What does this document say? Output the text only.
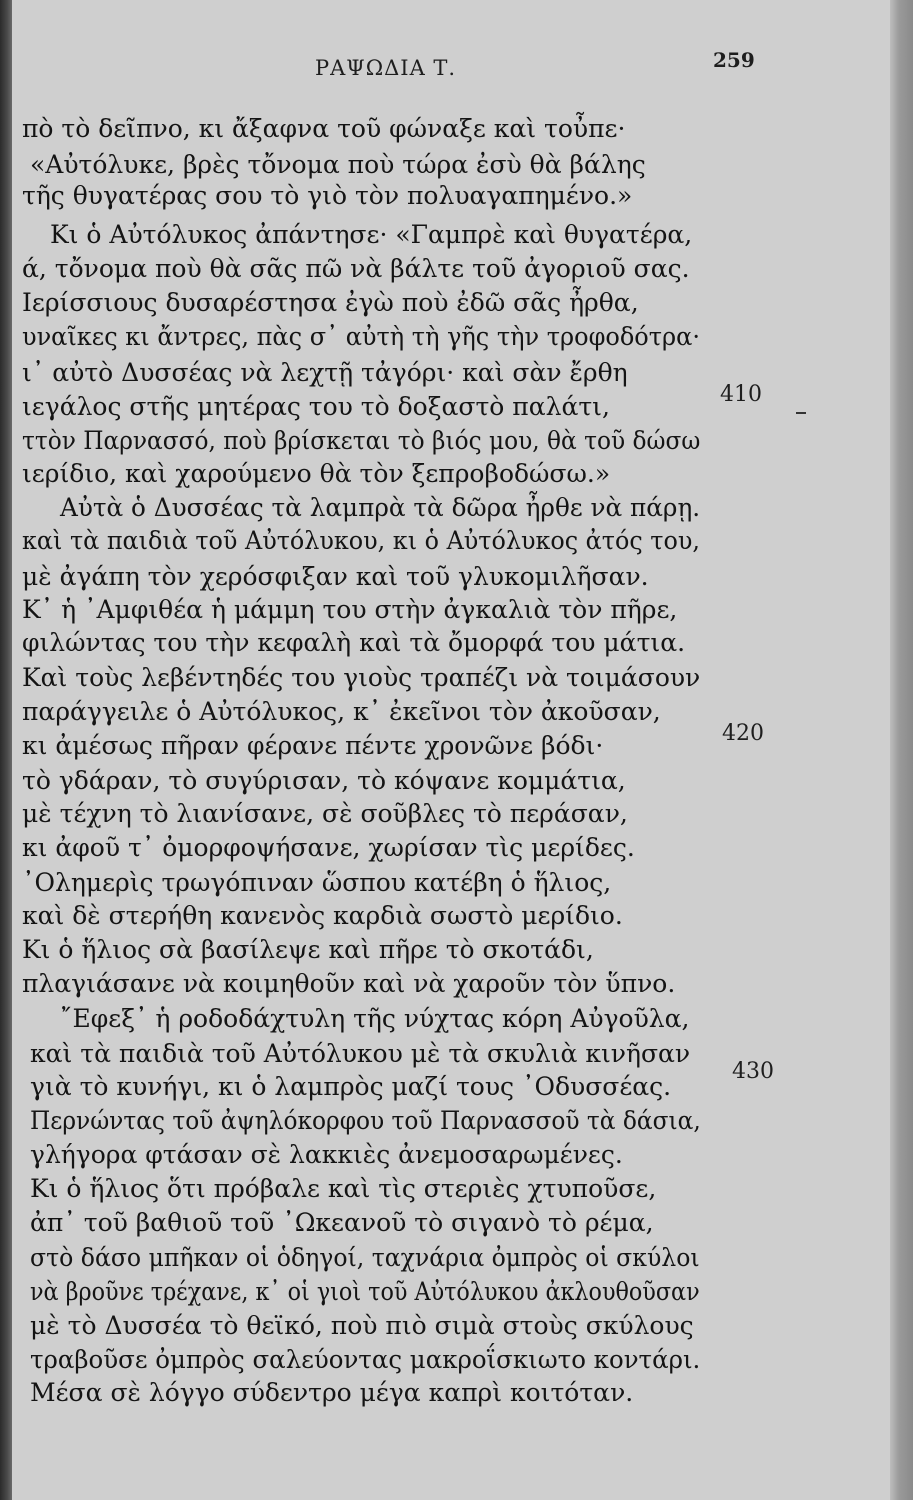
ΡΑΨΩΔΙΑ Τ.	259
πὸ τὸ δεῖπνο, κι ἄξαφνα τοῦ φώναξε καὶ τοὖπε·
«Αὐτόλυκε, βρὲς τὄνομα ποὺ τώρα ἐσὺ θὰ βάλης
τῆς θυγατέρας σου τὸ γιὸ τὸν πολυαγαπημένο.»
Κι ὁ Αὐτόλυκος ἀπάντησε· «Γαμπρὲ καὶ θυγατέρα,
ά, τὄνομα ποὺ θὰ σᾶς πῶ νὰ βάλτε τοῦ ἀγοριοῦ σας.
Ιερίσσιους δυσαρέστησα ἐγὼ ποὺ ἐδῶ σᾶς ἦρθα,
υναῖκες κι ἄντρες, πὰς σ᾽ αὐτὴ τὴ γῆς τὴν τροφοδότρα·
ι᾽ αὐτὸ Δυσσέας νὰ λεχτῇ τἀγόρι· καὶ σὰν ἔρθη
ιεγάλος στῆς μητέρας του τὸ δοξαστὸ παλάτι,
ττὸν Παρνασσό, ποὺ βρίσκεται τὸ βιός μου, θὰ τοῦ δώσω
ιερίδιο, καὶ χαρούμενο θὰ τὸν ξεπροβοδώσω.»
Αὐτὰ ὁ Δυσσέας τὰ λαμπρὰ τὰ δῶρα ἦρθε νὰ πάρῃ.
καὶ τὰ παιδιὰ τοῦ Αὐτόλυκου, κι ὁ Αὐτόλυκος ἀτός του,
μὲ ἀγάπη τὸν χερόσφιξαν καὶ τοῦ γλυκομιλῆσαν.
Κ᾽ ἡ ᾽Αμφιθέα ἡ μάμμη του στὴν ἀγκαλιὰ τὸν πῆρε,
φιλώντας του τὴν κεφαλὴ καὶ τὰ ὄμορφά του μάτια.
Καὶ τοὺς λεβέντηδές του γιοὺς τραπέζι νὰ τοιμάσουν
παράγγειλε ὁ Αὐτόλυκος, κ᾽ ἐκεῖνοι τὸν ἀκοῦσαν,
κι ἀμέσως πῆραν φέρανε πέντε χρονῶνε βόδι·
τὸ γδάραν, τὸ συγύρισαν, τὸ κόψανε κομμάτια,
μὲ τέχνη τὸ λιανίσανε, σὲ σοῦβλες τὸ περάσαν,
κι ἀφοῦ τ᾽ ὀμορφοψήσανε, χωρίσαν τὶς μερίδες.
᾽Ολημερὶς τρωγόπιναν ὥσπου κατέβη ὁ ἥλιος,
καὶ δὲ στερήθη κανενὸς καρδιὰ σωστὸ μερίδιο.
Κι ὁ ἥλιος σὰ βασίλεψε καὶ πῆρε τὸ σκοτάδι,
πλαγιάσανε νὰ κοιμηθοῦν καὶ νὰ χαροῦν τὸν ὕπνο.
῎Εφεξ᾽ ἡ ροδοδάχτυλη τῆς νύχτας κόρη Αὐγοῦλα,
καὶ τὰ παιδιὰ τοῦ Αὐτόλυκου μὲ τὰ σκυλιὰ κινῆσαν
γιὰ τὸ κυνήγι, κι ὁ λαμπρὸς μαζί τους ᾽Οδυσσέας.
Περνώντας τοῦ ἀψηλόκορφου τοῦ Παρνασσοῦ τὰ δάσια,
γλήγορα φτάσαν σὲ λακκιὲς ἀνεμοσαρωμένες.
Κι ὁ ἥλιος ὅτι πρόβαλε καὶ τὶς στεριὲς χτυποῦσε,
ἀπ᾽ τοῦ βαθιοῦ τοῦ ᾽Ωκεανοῦ τὸ σιγανὸ τὸ ρέμα,
στὸ δάσο μπῆκαν οἱ ὁδηγοί, ταχνάρια ὀμπρὸς οἱ σκύλοι
νὰ βροῦνε τρέχανε, κ᾽ οἱ γιοὶ τοῦ Αὐτόλυκου ἀκλουθοῦσαν
μὲ τὸ Δυσσέα τὸ θεϊκό, ποὺ πιὸ σιμὰ στοὺς σκύλους
τραβοῦσε ὀμπρὸς σαλεύοντας μακροΐσκιωτο κοντάρι.
Μέσα σὲ λόγγο σύδεντρο μέγα καπρὶ κοιτόταν.
410
420
430
